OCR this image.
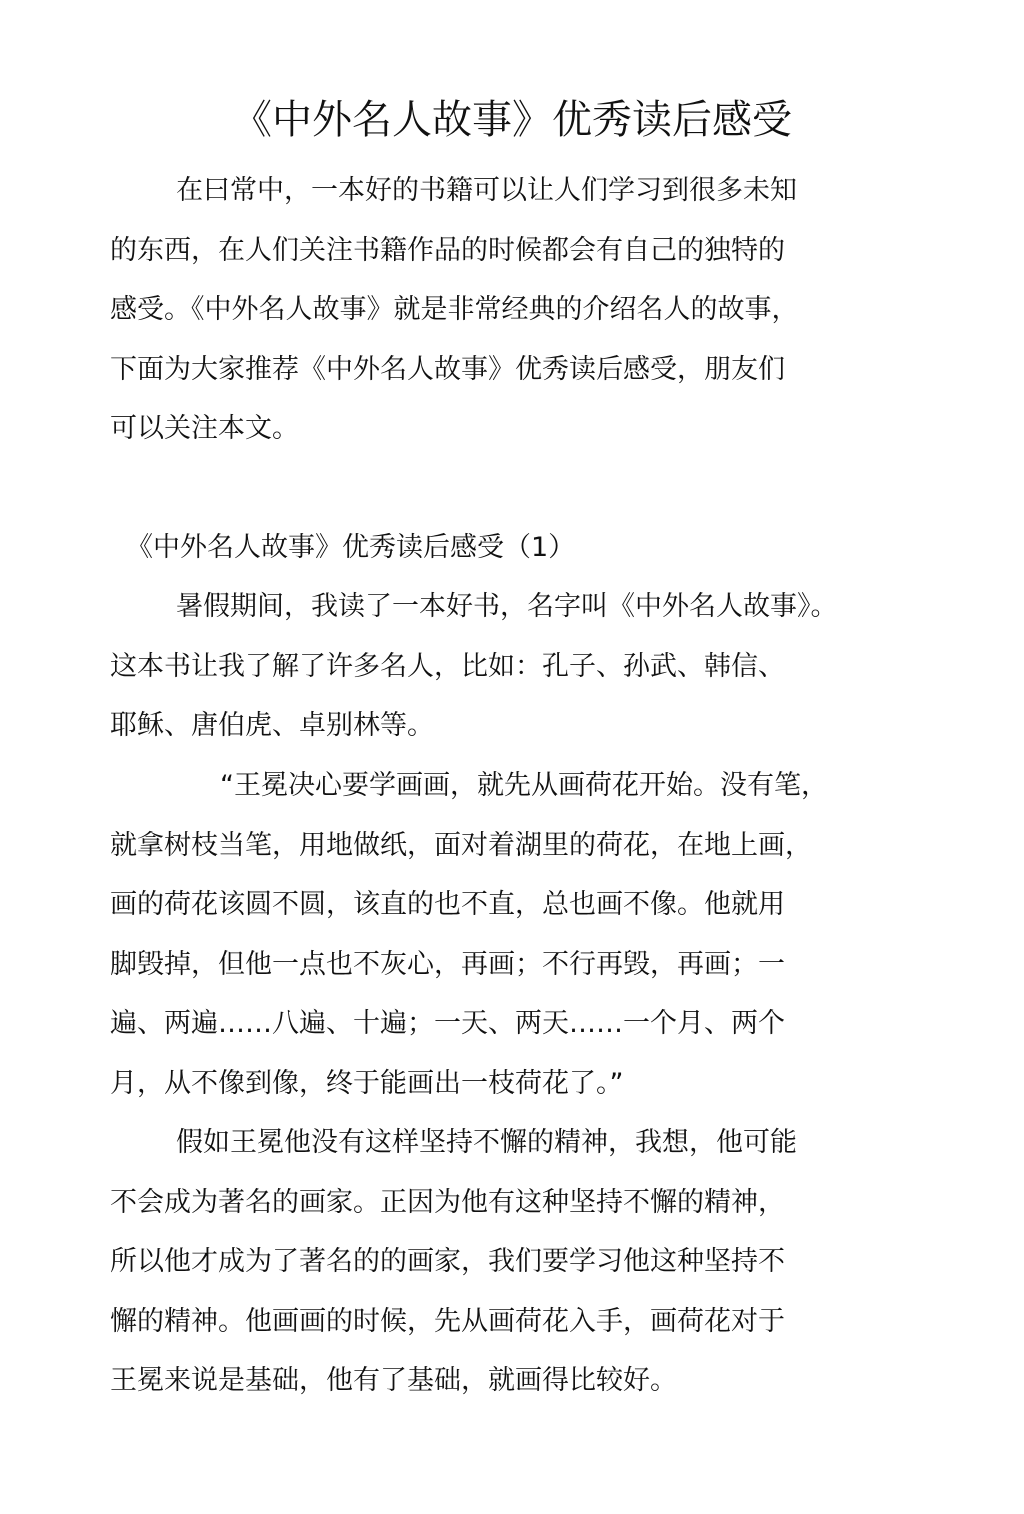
《中外名人故事》优秀读后感受

在曰常中，一本好的书籍可以让人们学习到很多未知
的东西，在人们关注书籍作品的时候都会有自己的独特的
感受。《中外名人故事》就是非常经典的介绍名人的故事，
下面为大家推荐《中外名人故事》优秀读后感受，朋友们
可以关注本文。

《中外名人故事》优秀读后感受（1）

暑假期间，我读了一本好书，名字叫《中外名人故事》。
这本书让我了解了许多名人，比如：孔子、孙武、韩信、
耶稣、唐伯虎、卓别林等。

“王冕决心要学画画，就先从画荷花开始。没有笔，
就拿树枝当笔，用地做纸，面对着湖里的荷花，在地上画，
画的荷花该圆不圆，该直的也不直，总也画不像。他就用
脚毁掉，但他一点也不灰心，再画；不行再毁，再画；一
遍、两遍……八遍、十遍；一天、两天……一个月、两个
月，从不像到像，终于能画出一枝荷花了。”

假如王冕他没有这样坚持不懈的精神，我想，他可能
不会成为著名的画家。正因为他有这种坚持不懈的精神，
所以他才成为了著名的的画家，我们要学习他这种坚持不
懈的精神。他画画的时候，先从画荷花入手，画荷花对于
王冕来说是基础，他有了基础，就画得比较好。
